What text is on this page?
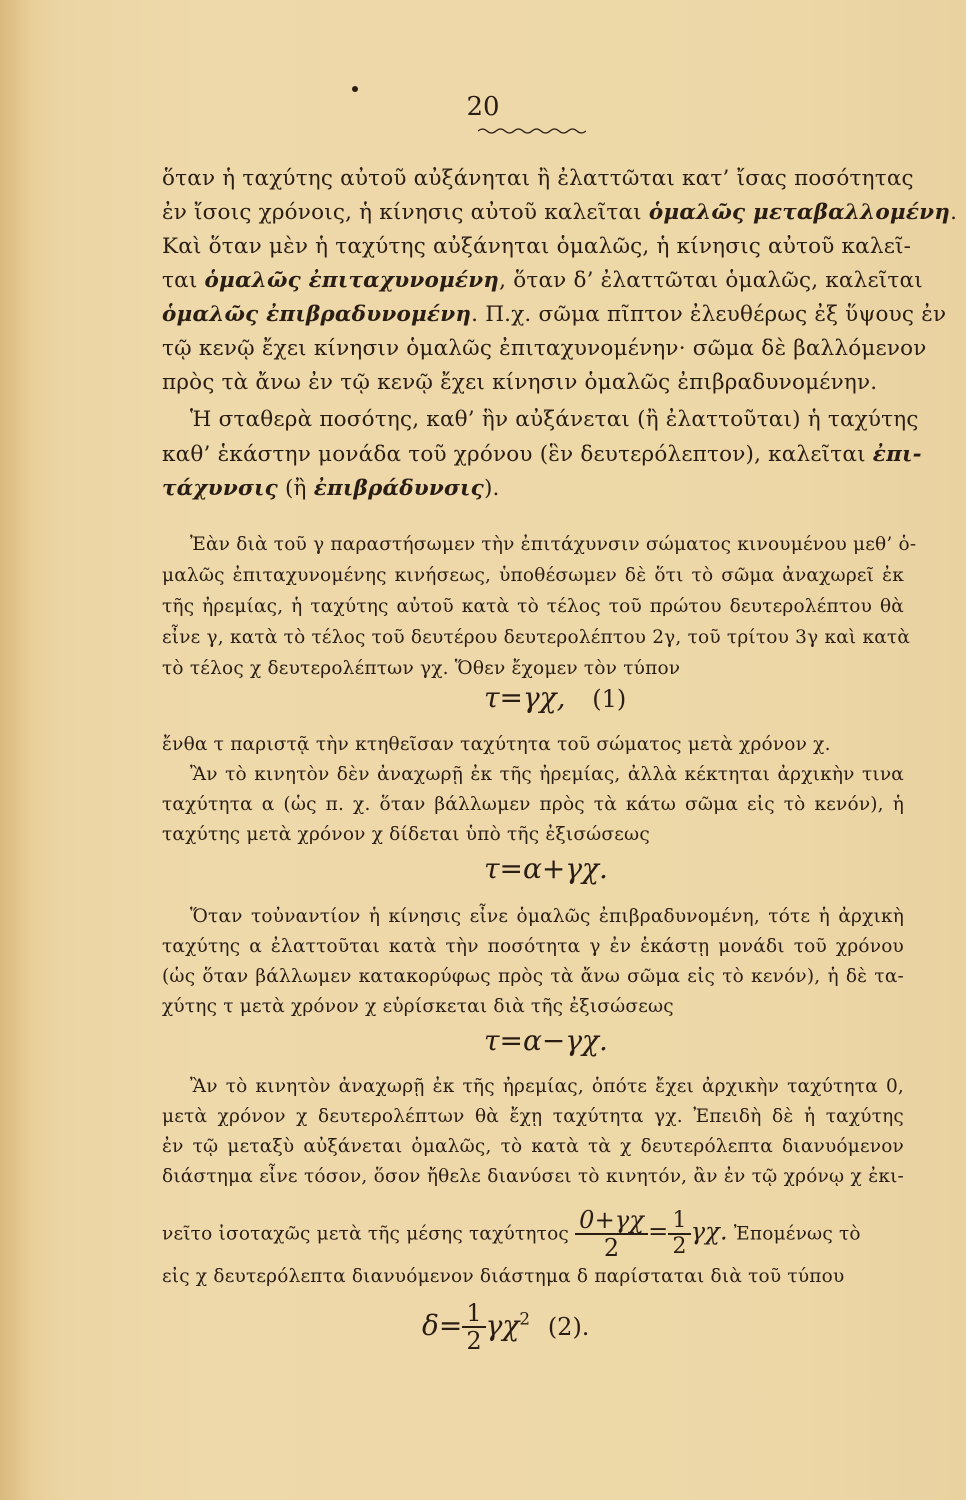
20
ὅταν ἡ ταχύτης αὐτοῦ αὐξάνηται ἢ ἐλαττῶται κατ’ ἴσας ποσότητας
ἐν ἴσοις χρόνοις, ἡ κίνησις αὐτοῦ καλεῖται ὁμαλῶς μεταβαλλομένη.
Καὶ ὅταν μὲν ἡ ταχύτης αὐξάνηται ὁμαλῶς, ἡ κίνησις αὐτοῦ καλεῖ-
ται ὁμαλῶς ἐπιταχυνομένη, ὅταν δ’ ἐλαττῶται ὁμαλῶς, καλεῖται
ὁμαλῶς ἐπιβραδυνομένη. Π.χ. σῶμα πῖπτον ἐλευθέρως ἐξ ὕψους ἐν
τῷ κενῷ ἔχει κίνησιν ὁμαλῶς ἐπιταχυνομένην· σῶμα δὲ βαλλόμενον
πρὸς τὰ ἄνω ἐν τῷ κενῷ ἔχει κίνησιν ὁμαλῶς ἐπιβραδυνομένην.
Ἡ σταθερὰ ποσότης, καθ’ ἣν αὐξάνεται (ἢ ἐλαττοῦται) ἡ ταχύτης
καθ’ ἑκάστην μονάδα τοῦ χρόνου (ἓν δευτερόλεπτον), καλεῖται ἐπι-
τάχυνσις (ἢ ἐπιβράδυνσις).
Ἐὰν διὰ τοῦ γ παραστήσωμεν τὴν ἐπιτάχυνσιν σώματος κινουμένου μεθ’ ὁ-
μαλῶς ἐπιταχυνομένης κινήσεως, ὑποθέσωμεν δὲ ὅτι τὸ σῶμα ἀναχωρεῖ ἐκ
τῆς ἠρεμίας, ἡ ταχύτης αὐτοῦ κατὰ τὸ τέλος τοῦ πρώτου δευτερολέπτου θὰ
εἶνε γ, κατὰ τὸ τέλος τοῦ δευτέρου δευτερολέπτου 2γ, τοῦ τρίτου 3γ καὶ κατὰ
τὸ τέλος χ δευτερολέπτων γχ. Ὅθεν ἔχομεν τὸν τύπον
τ=γχ, (1)
ἔνθα τ παριστᾷ τὴν κτηθεῖσαν ταχύτητα τοῦ σώματος μετὰ χρόνον χ.
Ἂν τὸ κινητὸν δὲν ἀναχωρῇ ἐκ τῆς ἠρεμίας, ἀλλὰ κέκτηται ἀρχικὴν τινα
ταχύτητα α (ὡς π. χ. ὅταν βάλλωμεν πρὸς τὰ κάτω σῶμα εἰς τὸ κενόν), ἡ
ταχύτης μετὰ χρόνον χ δίδεται ὑπὸ τῆς ἐξισώσεως
τ=α+γχ.
Ὅταν τοὐναντίον ἡ κίνησις εἶνε ὁμαλῶς ἐπιβραδυνομένη, τότε ἡ ἀρχικὴ
ταχύτης α ἐλαττοῦται κατὰ τὴν ποσότητα γ ἐν ἑκάστῃ μονάδι τοῦ χρόνου
(ὡς ὅταν βάλλωμεν κατακορύφως πρὸς τὰ ἄνω σῶμα εἰς τὸ κενόν), ἡ δὲ τα-
χύτης τ μετὰ χρόνον χ εὑρίσκεται διὰ τῆς ἐξισώσεως
τ=α−γχ.
Ἂν τὸ κινητὸν ἀναχωρῇ ἐκ τῆς ἠρεμίας, ὁπότε ἔχει ἀρχικὴν ταχύτητα 0,
μετὰ χρόνον χ δευτερολέπτων θὰ ἔχῃ ταχύτητα γχ. Ἐπειδὴ δὲ ἡ ταχύτης
ἐν τῷ μεταξὺ αὐξάνεται ὁμαλῶς, τὸ κατὰ τὰ χ δευτερόλεπτα διανυόμενον
διάστημα εἶνε τόσον, ὅσον ἤθελε διανύσει τὸ κινητόν, ἂν ἐν τῷ χρόνῳ χ ἐκι-
νεῖτο ἰσοταχῶς μετὰ τῆς μέσης ταχύτητος $\frac{0+\gamma\chi}{2} = \frac{1}{2} \gamma\chi$. Ἐπομένως τὸ
εἰς χ δευτερόλεπτα διανυόμενον διάστημα δ παρίσταται διὰ τοῦ τύπου
$\delta= \frac{1}{2} \gamma\chi^2$ (2).
